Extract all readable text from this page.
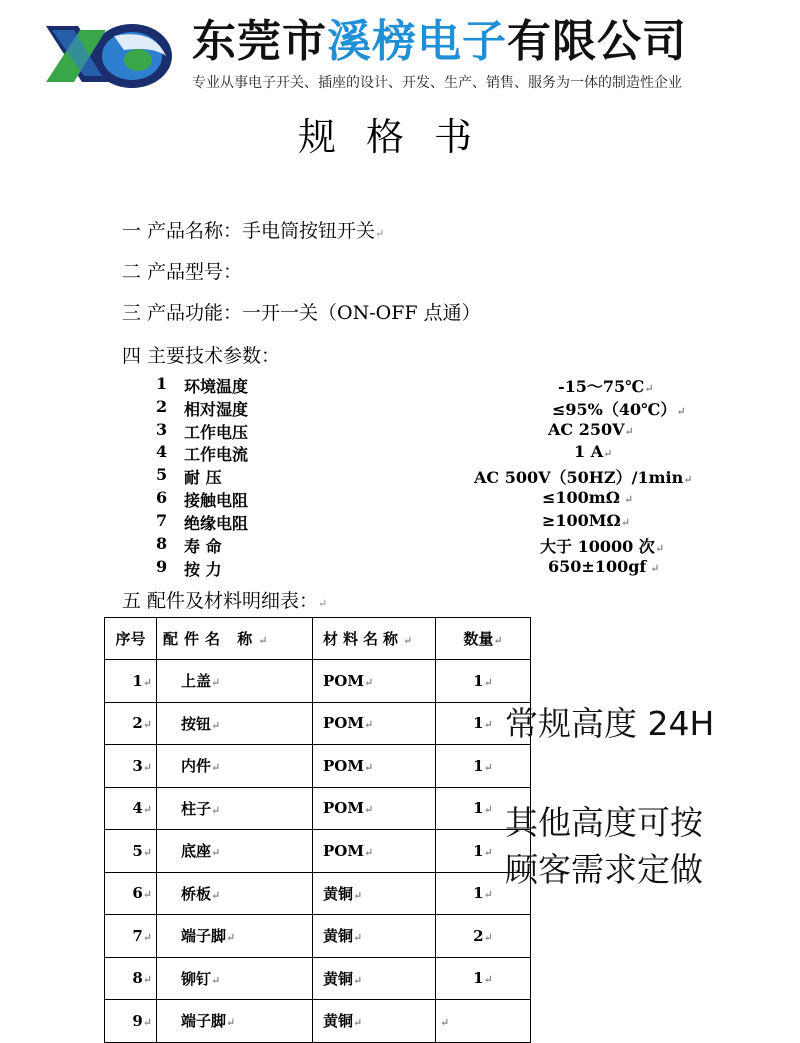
东莞市溪榜电子有限公司
专业从事电子开关、插座的设计、开发、生产、销售、服务为一体的制造性企业
规格书
一 产品名称：手电筒按钮开关↵
二 产品型号：
三 产品功能：一开一关（ON-OFF 点通）
四 主要技术参数：
1 环境温度	-15～75℃↵
2 相对湿度	≤95%（40℃）↵
3 工作电压	AC 250V↵
4 工作电流	1 A↵
5 耐 压	AC 500V（50HZ）/1min↵
6 接触电阻	≤100mΩ ↵
7 绝缘电阻	≥100MΩ↵
8 寿 命	大于 10000 次↵
9 按 力	650±100gf ↵
五 配件及材料明细表：↵
序号	配件名 称↵	材料名称↵	数量↵
1↵	上盖↵	POM↵	1↵
2↵	按钮↵	POM↵	1↵
3↵	内件↵	POM↵	1↵
4↵	柱子↵	POM↵	1↵
5↵	底座↵	POM↵	1↵
6↵	桥板↵	黄铜↵	1↵
7↵	端子脚↵	黄铜↵	2↵
8↵	铆钉↵	黄铜↵	1↵
9↵	端子脚↵	黄铜↵	↵
常规高度 24H
其他高度可按
顾客需求定做
